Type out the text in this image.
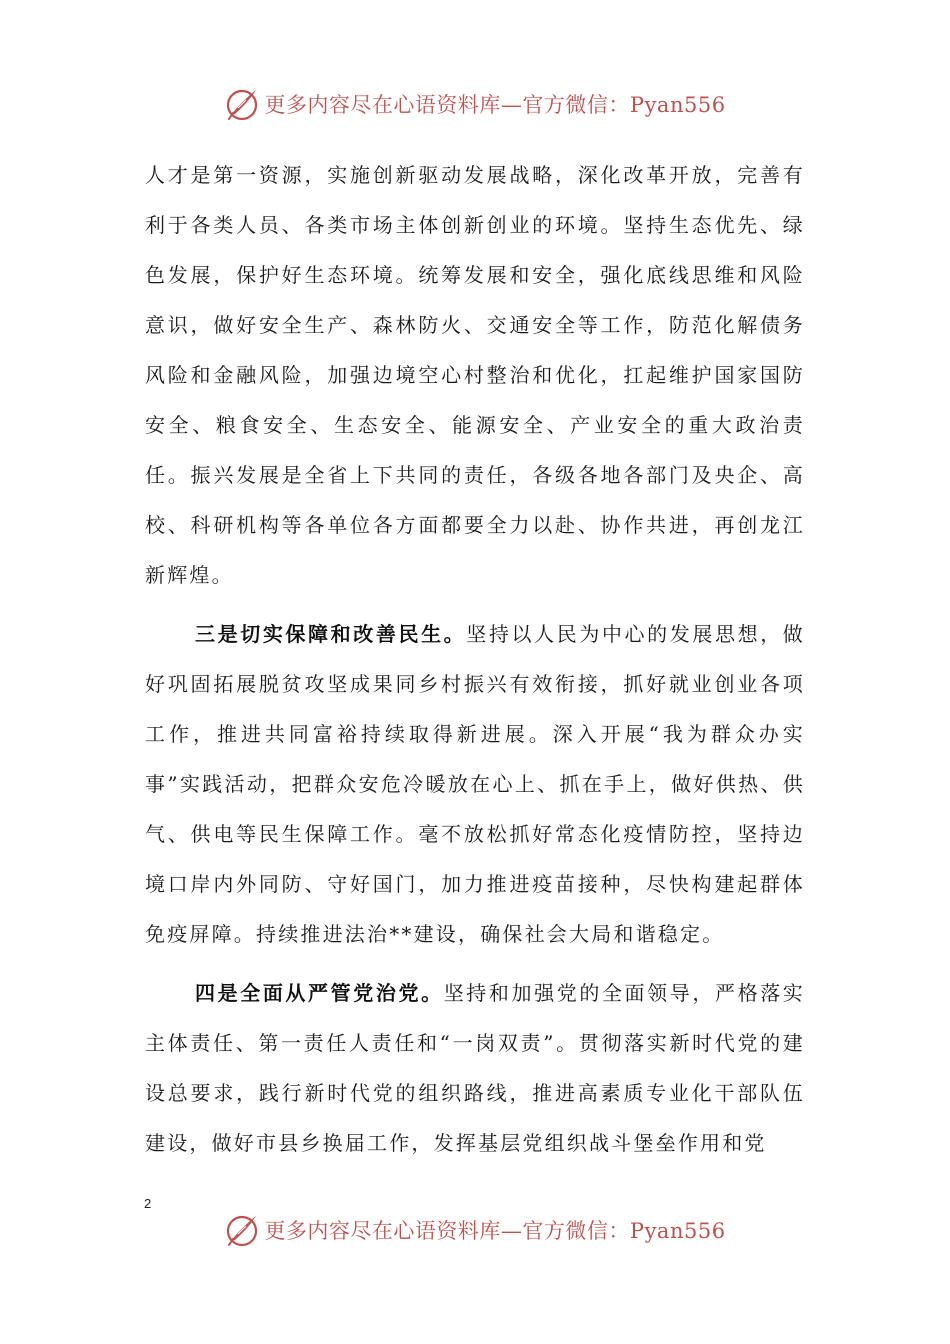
更多内容尽在心语资料库—官方微信：Pyan556

人才是第一资源，实施创新驱动发展战略，深化改革开放，完善有利于各类人员、各类市场主体创新创业的环境。坚持生态优先、绿色发展，保护好生态环境。统筹发展和安全，强化底线思维和风险意识，做好安全生产、森林防火、交通安全等工作，防范化解债务风险和金融风险，加强边境空心村整治和优化，扛起维护国家国防安全、粮食安全、生态安全、能源安全、产业安全的重大政治责任。振兴发展是全省上下共同的责任，各级各地各部门及央企、高校、科研机构等各单位各方面都要全力以赴、协作共进，再创龙江新辉煌。

三是切实保障和改善民生。坚持以人民为中心的发展思想，做好巩固拓展脱贫攻坚成果同乡村振兴有效衔接，抓好就业创业各项工作，推进共同富裕持续取得新进展。深入开展“我为群众办实事”实践活动，把群众安危冷暖放在心上、抓在手上，做好供热、供气、供电等民生保障工作。毫不放松抓好常态化疫情防控，坚持边境口岸内外同防、守好国门，加力推进疫苗接种，尽快构建起群体免疫屏障。持续推进法治**建设，确保社会大局和谐稳定。

四是全面从严管党治党。坚持和加强党的全面领导，严格落实主体责任、第一责任人责任和“一岗双责”。贯彻落实新时代党的建设总要求，践行新时代党的组织路线，推进高素质专业化干部队伍建设，做好市县乡换届工作，发挥基层党组织战斗堡垒作用和党

2
更多内容尽在心语资料库—官方微信：Pyan556
